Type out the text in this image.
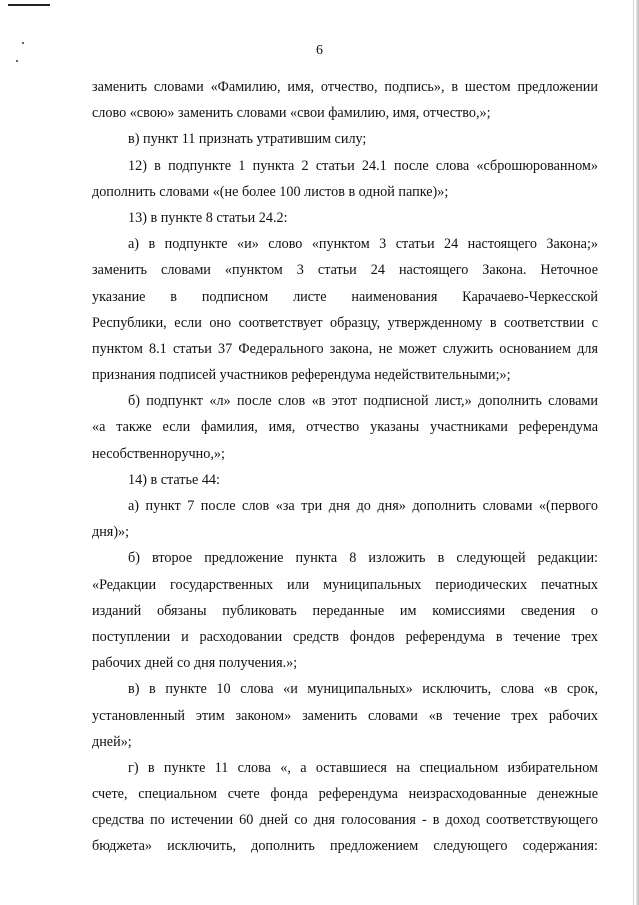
6
заменить словами «Фамилию, имя, отчество, подпись», в шестом предложении
слово «свою» заменить словами «свои фамилию, имя, отчество,»;
в) пункт 11 признать утратившим силу;
12) в подпункте 1 пункта 2 статьи 24.1 после слова «сброшюрованном»
дополнить словами «(не более 100 листов в одной папке)»;
13) в пункте 8 статьи 24.2:
а) в подпункте «и» слово «пунктом 3 статьи 24 настоящего Закона;»
заменить словами «пунктом 3 статьи 24 настоящего Закона. Неточное
указание в подписном листе наименования Карачаево-Черкесской
Республики, если оно соответствует образцу, утвержденному в соответствии с
пунктом 8.1 статьи 37 Федерального закона, не может служить основанием для
признания подписей участников референдума недействительными;»;
б) подпункт «л» после слов «в этот подписной лист,» дополнить словами
«а также если фамилия, имя, отчество указаны участниками референдума
несобственноручно,»;
14) в статье 44:
а) пункт 7 после слов «за три дня до дня» дополнить словами «(первого
дня)»;
б) второе предложение пункта 8 изложить в следующей редакции:
«Редакции государственных или муниципальных периодических печатных
изданий обязаны публиковать переданные им комиссиями сведения о
поступлении и расходовании средств фондов референдума в течение трех
рабочих дней со дня получения.»;
в) в пункте 10 слова «и муниципальных» исключить, слова «в срок,
установленный этим законом» заменить словами «в течение трех рабочих
дней»;
г) в пункте 11 слова «, а оставшиеся на специальном избирательном
счете, специальном счете фонда референдума неизрасходованные денежные
средства по истечении 60 дней со дня голосования - в доход соответствующего
бюджета» исключить, дополнить предложением следующего содержания:
